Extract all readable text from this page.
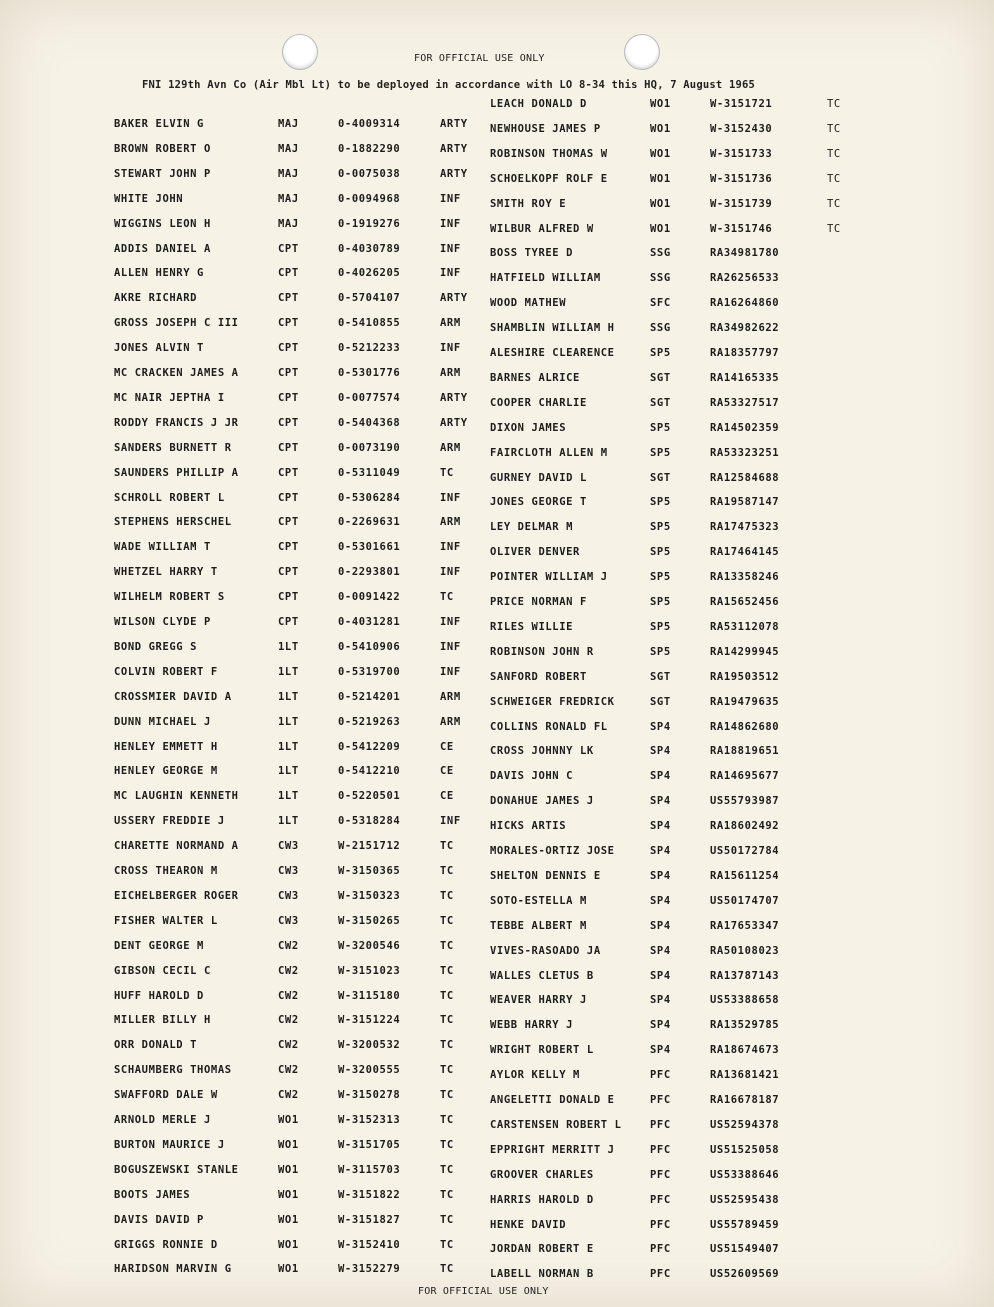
FOR OFFICIAL USE ONLY
FNI 129th Avn Co (Air Mbl Lt) to be deployed in accordance with LO 8-34 this HQ, 7 August 1965
BAKER ELVIN G	MAJ	0-4009314	ARTY
BROWN ROBERT O	MAJ	0-1882290	ARTY
STEWART JOHN P	MAJ	0-0075038	ARTY
WHITE JOHN	MAJ	0-0094968	INF
WIGGINS LEON H	MAJ	0-1919276	INF
ADDIS DANIEL A	CPT	0-4030789	INF
ALLEN HENRY G	CPT	0-4026205	INF
AKRE RICHARD	CPT	0-5704107	ARTY
GROSS JOSEPH C III	CPT	0-5410855	ARM
JONES ALVIN T	CPT	0-5212233	INF
MC CRACKEN JAMES A	CPT	0-5301776	ARM
MC NAIR JEPTHA I	CPT	0-0077574	ARTY
RODDY FRANCIS J JR	CPT	0-5404368	ARTY
SANDERS BURNETT R	CPT	0-0073190	ARM
SAUNDERS PHILLIP A	CPT	0-5311049	TC
SCHROLL ROBERT L	CPT	0-5306284	INF
STEPHENS HERSCHEL	CPT	0-2269631	ARM
WADE WILLIAM T	CPT	0-5301661	INF
WHETZEL HARRY T	CPT	0-2293801	INF
WILHELM ROBERT S	CPT	0-0091422	TC
WILSON CLYDE P	CPT	0-4031281	INF
BOND GREGG S	1LT	0-5410906	INF
COLVIN ROBERT F	1LT	0-5319700	INF
CROSSMIER DAVID A	1LT	0-5214201	ARM
DUNN MICHAEL J	1LT	0-5219263	ARM
HENLEY EMMETT H	1LT	0-5412209	CE
HENLEY GEORGE M	1LT	0-5412210	CE
MC LAUGHIN KENNETH	1LT	0-5220501	CE
USSERY FREDDIE J	1LT	0-5318284	INF
CHARETTE NORMAND A	CW3	W-2151712	TC
CROSS THEARON M	CW3	W-3150365	TC
EICHELBERGER ROGER	CW3	W-3150323	TC
FISHER WALTER L	CW3	W-3150265	TC
DENT GEORGE M	CW2	W-3200546	TC
GIBSON CECIL C	CW2	W-3151023	TC
HUFF HAROLD D	CW2	W-3115180	TC
MILLER BILLY H	CW2	W-3151224	TC
ORR DONALD T	CW2	W-3200532	TC
SCHAUMBERG THOMAS	CW2	W-3200555	TC
SWAFFORD DALE W	CW2	W-3150278	TC
ARNOLD MERLE J	WO1	W-3152313	TC
BURTON MAURICE J	WO1	W-3151705	TC
BOGUSZEWSKI STANLE	WO1	W-3115703	TC
BOOTS JAMES	WO1	W-3151822	TC
DAVIS DAVID P	WO1	W-3151827	TC
GRIGGS RONNIE D	WO1	W-3152410	TC
HARIDSON MARVIN G	WO1	W-3152279	TC
LEACH DONALD D	WO1	W-3151721	TC
NEWHOUSE JAMES P	WO1	W-3152430	TC
ROBINSON THOMAS W	WO1	W-3151733	TC
SCHOELKOPF ROLF E	WO1	W-3151736	TC
SMITH ROY E	WO1	W-3151739	TC
WILBUR ALFRED W	WO1	W-3151746	TC
BOSS TYREE D	SSG	RA34981780
HATFIELD WILLIAM	SSG	RA26256533
WOOD MATHEW	SFC	RA16264860
SHAMBLIN WILLIAM H	SSG	RA34982622
ALESHIRE CLEARENCE	SP5	RA18357797
BARNES ALRICE	SGT	RA14165335
COOPER CHARLIE	SGT	RA53327517
DIXON JAMES	SP5	RA14502359
FAIRCLOTH ALLEN M	SP5	RA53323251
GURNEY DAVID L	SGT	RA12584688
JONES GEORGE T	SP5	RA19587147
LEY DELMAR M	SP5	RA17475323
OLIVER DENVER	SP5	RA17464145
POINTER WILLIAM J	SP5	RA13358246
PRICE NORMAN F	SP5	RA15652456
RILES WILLIE	SP5	RA53112078
ROBINSON JOHN R	SP5	RA14299945
SANFORD ROBERT	SGT	RA19503512
SCHWEIGER FREDRICK	SGT	RA19479635
COLLINS RONALD FL	SP4	RA14862680
CROSS JOHNNY LK	SP4	RA18819651
DAVIS JOHN C	SP4	RA14695677
DONAHUE JAMES J	SP4	US55793987
HICKS ARTIS	SP4	RA18602492
MORALES-ORTIZ JOSE	SP4	US50172784
SHELTON DENNIS E	SP4	RA15611254
SOTO-ESTELLA M	SP4	US50174707
TEBBE ALBERT M	SP4	RA17653347
VIVES-RASOADO JA	SP4	RA50108023
WALLES CLETUS B	SP4	RA13787143
WEAVER HARRY J	SP4	US53388658
WEBB HARRY J	SP4	RA13529785
WRIGHT ROBERT L	SP4	RA18674673
AYLOR KELLY M	PFC	RA13681421
ANGELETTI DONALD E	PFC	RA16678187
CARSTENSEN ROBERT L	PFC	US52594378
EPPRIGHT MERRITT J	PFC	US51525058
GROOVER CHARLES	PFC	US53388646
HARRIS HAROLD D	PFC	US52595438
HENKE DAVID	PFC	US55789459
JORDAN ROBERT E	PFC	US51549407
LABELL NORMAN B	PFC	US52609569
FOR OFFICIAL USE ONLY
